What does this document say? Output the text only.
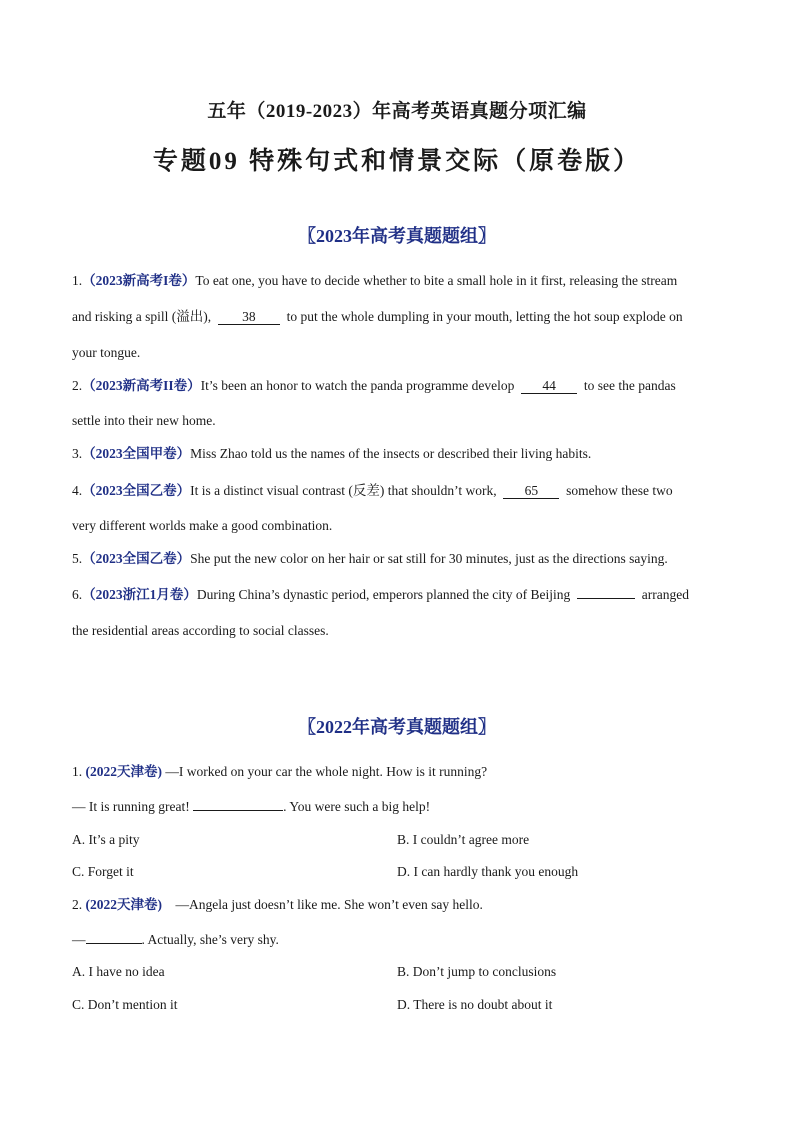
五年（2019-2023）年高考英语真题分项汇编
专题09 特殊句式和情景交际（原卷版）
〖2023年高考真题题组〗
1.（2023新高考I卷）To eat one, you have to decide whether to bite a small hole in it first, releasing the stream
and risking a spill (溢出), 38 to put the whole dumpling in your mouth, letting the hot soup explode on
your tongue.
2.（2023新高考II卷）It’s been an honor to watch the panda programme develop 44 to see the pandas
settle into their new home.
3.（2023全国甲卷）Miss Zhao told us the names of the insects or described their living habits.
4.（2023全国乙卷）It is a distinct visual contrast (反差) that shouldn’t work, 65 somehow these two
very different worlds make a good combination.
5.（2023全国乙卷）She put the new color on her hair or sat still for 30 minutes, just as the directions saying.
6.（2023浙江1月卷）During China’s dynastic period, emperors planned the city of Beijing	arranged
the residential areas according to social classes.
〖2022年高考真题题组〗
1. (2022天津卷) —I worked on your car the whole night. How is it running?
— It is running great!	. You were such a big help!
A. It’s a pity	B. I couldn’t agree more
C. Forget it	D. I can hardly thank you enough
2. (2022天津卷) —Angela just doesn’t like me. She won’t even say hello.
—	. Actually, she’s very shy.
A. I have no idea	B. Don’t jump to conclusions
C. Don’t mention it	D. There is no doubt about it
